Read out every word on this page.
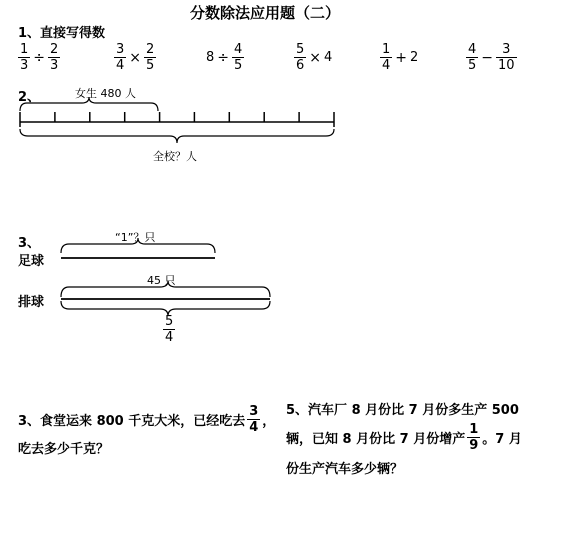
分数除法应用题（二）
1、直接写得数
$\frac{1}{3} \div \frac{2}{3}$	$\frac{3}{4} \times \frac{2}{5}$	$8 \div \frac{4}{5}$	$\frac{5}{6} \times 4$	$\frac{1}{4} + 2$	$\frac{4}{5} - \frac{3}{10}$
2、	女生 480 人
全校？人
3、
足球
“1”？只
排球
45 只
$\frac{5}{4}$
3、食堂运来 800 千克大米，已经吃去 $\frac{3}{4}$ ，
吃去多少千克？
5、汽车厂 8 月份比 7 月份多生产 500
辆，已知 8 月份比 7 月份增产 $\frac{1}{9}$ 。7 月
份生产汽车多少辆？
